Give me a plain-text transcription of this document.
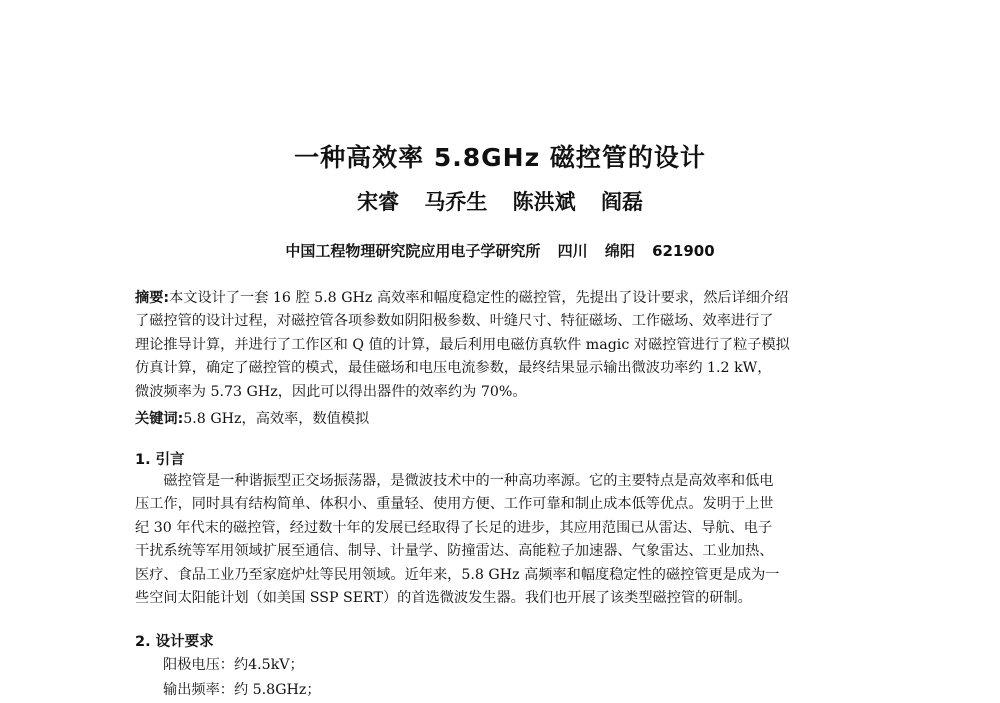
一种高效率 5.8GHz 磁控管的设计
宋睿 马乔生 陈洪斌 阎磊
中国工程物理研究院应用电子学研究所 四川 绵阳 621900
摘要:本文设计了一套 16 腔 5.8 GHz 高效率和幅度稳定性的磁控管，先提出了设计要求，然后详细介绍
了磁控管的设计过程，对磁控管各项参数如阴阳极参数、叶缝尺寸、特征磁场、工作磁场、效率进行了
理论推导计算，并进行了工作区和 Q 值的计算，最后利用电磁仿真软件 magic 对磁控管进行了粒子模拟
仿真计算，确定了磁控管的模式，最佳磁场和电压电流参数，最终结果显示输出微波功率约 1.2 kW，
微波频率为 5.73 GHz，因此可以得出器件的效率约为 70%。
关键词:5.8 GHz，高效率，数值模拟
1. 引言
磁控管是一种谐振型正交场振荡器，是微波技术中的一种高功率源。它的主要特点是高效率和低电
压工作，同时具有结构简单、体积小、重量轻、使用方便、工作可靠和制止成本低等优点。发明于上世
纪 30 年代末的磁控管，经过数十年的发展已经取得了长足的进步，其应用范围已从雷达、导航、电子
干扰系统等军用领域扩展至通信、制导、计量学、防撞雷达、高能粒子加速器、气象雷达、工业加热、
医疗、食品工业乃至家庭炉灶等民用领域。近年来，5.8 GHz 高频率和幅度稳定性的磁控管更是成为一
些空间太阳能计划（如美国 SSP SERT）的首选微波发生器。我们也开展了该类型磁控管的研制。
2. 设计要求
阳极电压：约4.5kV；
输出频率：约 5.8GHz；
